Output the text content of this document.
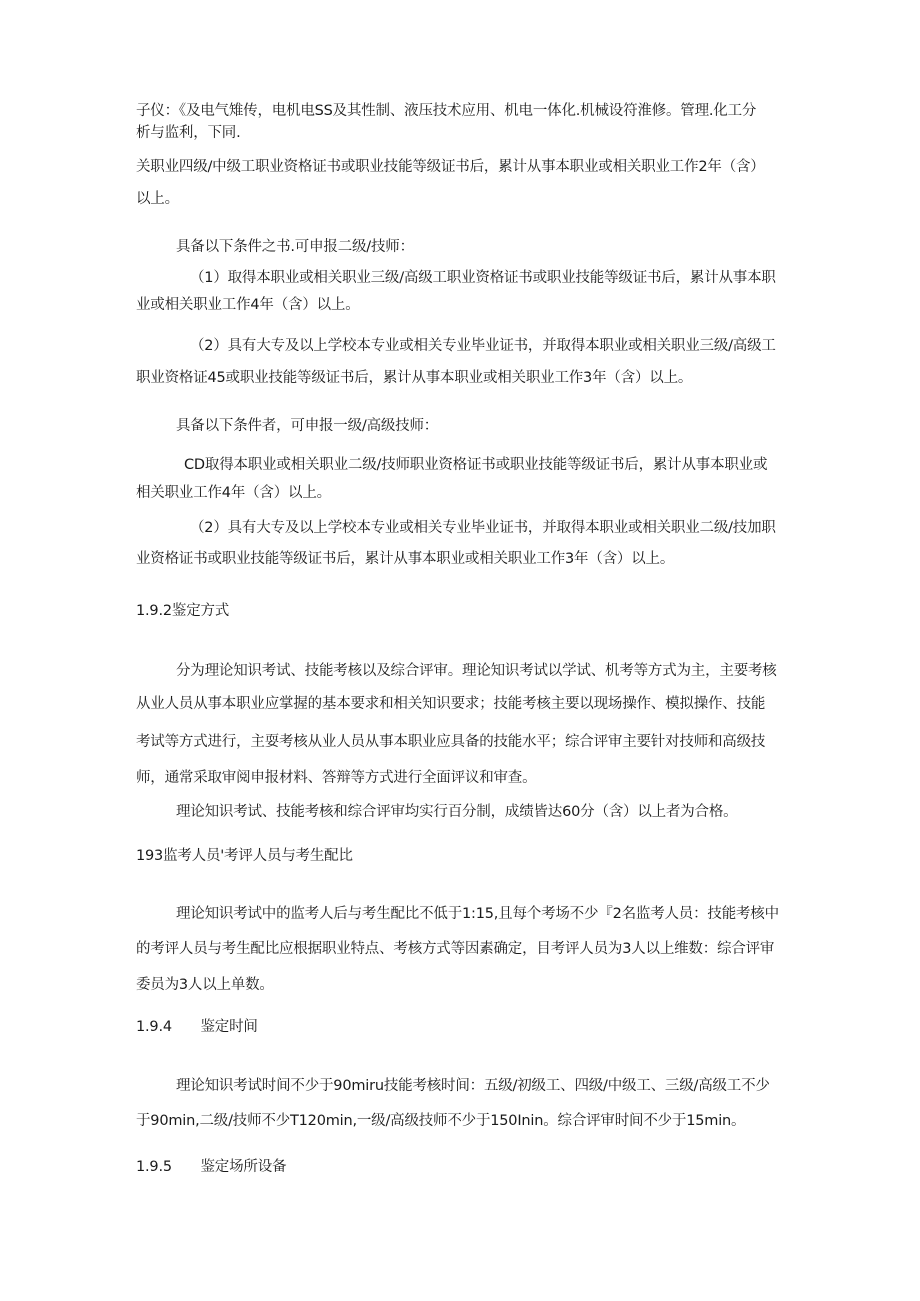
子仪：《及电气雉传，电机电SS及其性制、液压技术应用、机电一体化.机械设符淮修。管理.化工分
析与监利，下同.
关职业四级/中级工职业资格证书或职业技能等级证书后，累计从事本职业或相关职业工作2年（含）
以上。
具备以下条件之书.可申报二级/技师：
（1）取得本职业或相关职业三级/高级工职业资格证书或职业技能等级证书后，累计从事本职
业或相关职业工作4年（含）以上。
（2）具有大专及以上学校本专业或相关专业毕业证书，并取得本职业或相关职业三级/高级工
职业资格证45或职业技能等级证书后，累计从事本职业或相关职业工作3年（含）以上。
具备以下条件者，可申报一级/高级技师：
CD取得本职业或相关职业二级/技师职业资格证书或职业技能等级证书后，累计从事本职业或
相关职业工作4年（含）以上。
（2）具有大专及以上学校本专业或相关专业毕业证书，并取得本职业或相关职业二级/技加职
业资格证书或职业技能等级证书后，累计从事本职业或相关职业工作3年（含）以上。
1.9.2鉴定方式
分为理论知识考试、技能考核以及综合评审。理论知识考试以学试、机考等方式为主，主要考核
从业人员从事本职业应掌握的基本要求和相关知识要求；技能考核主要以现场操作、模拟操作、技能
考试等方式进行，主耍考核从业人员从事本职业应具备的技能水平；综合评审主要针对技师和高级技
师，通常采取审阅申报材料、答辩等方式进行全面评议和审查。
理论知识考试、技能考核和综合评审均实行百分制，成绩皆达60分（含）以上者为合格。
193监考人员'考评人员与考生配比
理论知识考试中的监考人后与考生配比不低于1:15,且每个考场不少『2名监考人员：技能考核中
的考评人员与考生配比应根据职业特点、考核方式等因素确定，目考评人员为3人以上维数：综合评审
委员为3人以上单数。
1.9.4　　鉴定时间
理论知识考试时间不少于90miru技能考核时间：五级/初级工、四级/中级工、三级/高级工不少
于90min,二级/技师不少T120min,一级/高级技师不少于150Inin。综合评审时间不少于15min。
1.9.5　　鉴定场所设备
